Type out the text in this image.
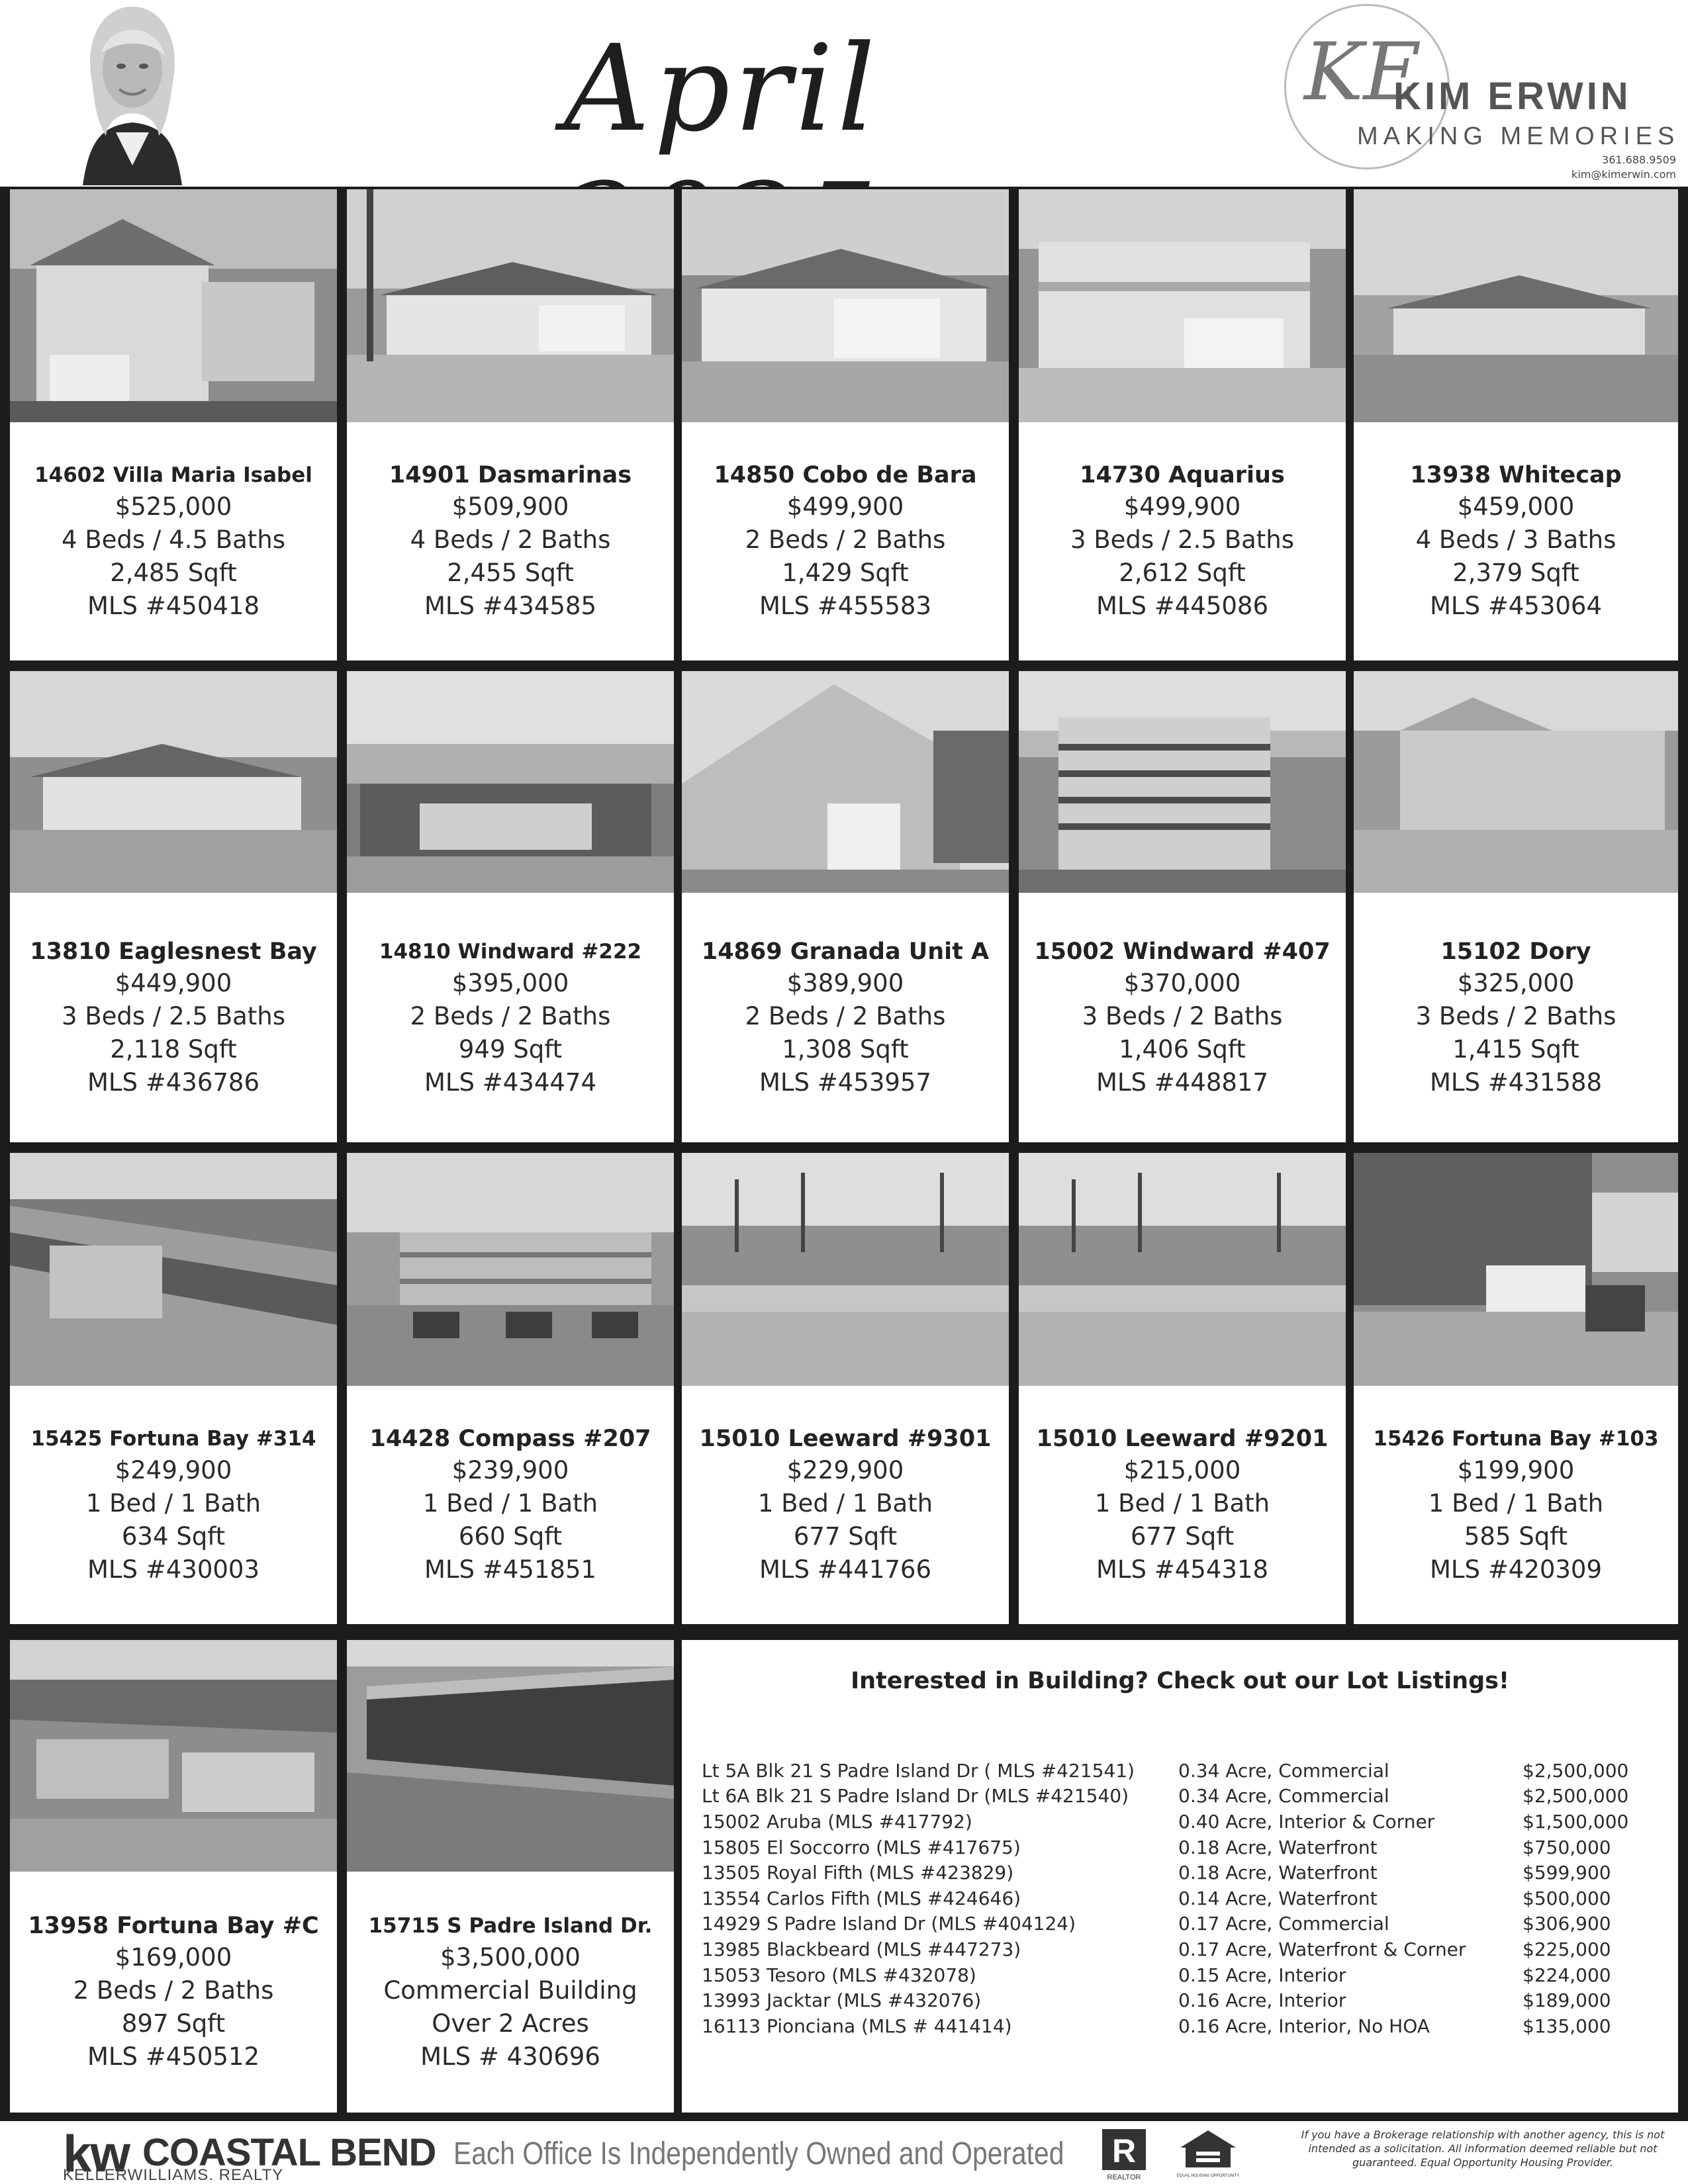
April	KE
KIM ERWIN
MAKING MEMORIES
361.688.9509
kim@kimerwin.com
14602 Villa Maria Isabel
$525,000
4 Beds / 4.5 Baths
2,485 Sqft
MLS #450418
14901 Dasmarinas
$509,900
4 Beds / 2 Baths
2,455 Sqft
MLS #434585
14850 Cobo de Bara
$499,900
2 Beds / 2 Baths
1,429 Sqft
MLS #455583
14730 Aquarius
$499,900
3 Beds / 2.5 Baths
2,612 Sqft
MLS #445086
13938 Whitecap
$459,000
4 Beds / 3 Baths
2,379 Sqft
MLS #453064
13810 Eaglesnest Bay
$449,900
3 Beds / 2.5 Baths
2,118 Sqft
MLS #436786
14810 Windward #222
$395,000
2 Beds / 2 Baths
949 Sqft
MLS #434474
14869 Granada Unit A
$389,900
2 Beds / 2 Baths
1,308 Sqft
MLS #453957
15002 Windward #407
$370,000
3 Beds / 2 Baths
1,406 Sqft
MLS #448817
15102 Dory
$325,000
3 Beds / 2 Baths
1,415 Sqft
MLS #431588
15425 Fortuna Bay #314
$249,900
1 Bed / 1 Bath
634 Sqft
MLS #430003
14428 Compass #207
$239,900
1 Bed / 1 Bath
660 Sqft
MLS #451851
15010 Leeward #9301
$229,900
1 Bed / 1 Bath
677 Sqft
MLS #441766
15010 Leeward #9201
$215,000
1 Bed / 1 Bath
677 Sqft
MLS #454318
15426 Fortuna Bay #103
$199,900
1 Bed / 1 Bath
585 Sqft
MLS #420309
13958 Fortuna Bay #C
$169,000
2 Beds / 2 Baths
897 Sqft
MLS #450512
15715 S Padre Island Dr.
$3,500,000
Commercial Building
Over 2 Acres
MLS # 430696
Interested in Building? Check out our Lot Listings!
Lt 5A Blk 21 S Padre Island Dr ( MLS #421541)	0.34 Acre, Commercial	$2,500,000
Lt 6A Blk 21 S Padre Island Dr (MLS #421540)	0.34 Acre, Commercial	$2,500,000
15002 Aruba (MLS #417792)	0.40 Acre, Interior & Corner	$1,500,000
15805 El Soccorro (MLS #417675)	0.18 Acre, Waterfront	$750,000
13505 Royal Fifth (MLS #423829)	0.18 Acre, Waterfront	$599,900
13554 Carlos Fifth (MLS #424646)	0.14 Acre, Waterfront	$500,000
14929 S Padre Island Dr (MLS #404124)	0.17 Acre, Commercial	$306,900
13985 Blackbeard (MLS #447273)	0.17 Acre, Waterfront & Corner	$225,000
15053 Tesoro (MLS #432078)	0.15 Acre, Interior	$224,000
13993 Jacktar (MLS #432076)	0.16 Acre, Interior	$189,000
16113 Pionciana (MLS # 441414)	0.16 Acre, Interior, No HOA	$135,000
kw COASTAL BEND
KELLERWILLIAMS. REALTY
Each Office Is Independently Owned and Operated R
REALTOR	EQUAL HOUSING OPPORTUNITY
If you have a Brokerage relationship with another agency, this is not intended as a solicitation. All information deemed reliable but not guaranteed. Equal Opportunity Housing Provider.
